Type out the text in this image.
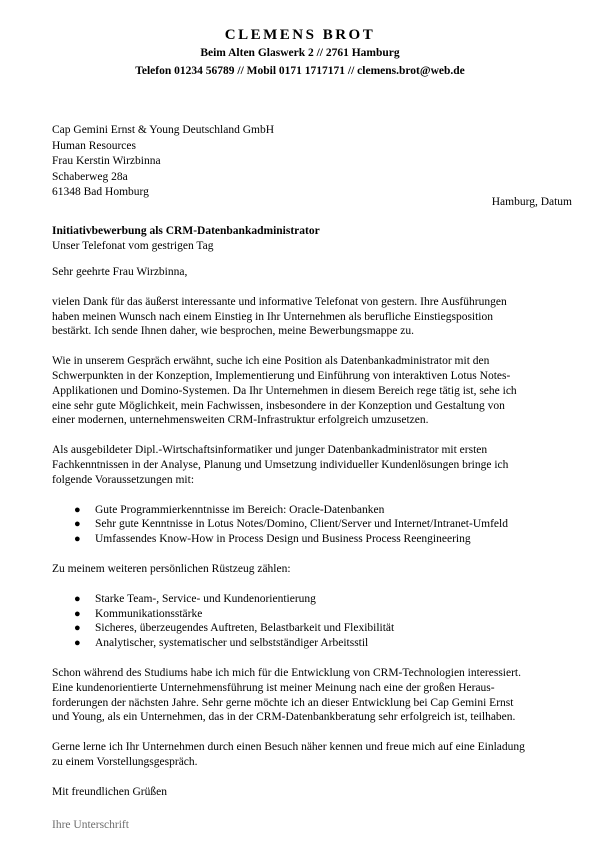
CLEMENS BROT
Beim Alten Glaswerk 2 // 2761 Hamburg
Telefon 01234 56789 // Mobil 0171 1717171 // clemens.brot@web.de
Cap Gemini Ernst & Young Deutschland GmbH
Human Resources
Frau Kerstin Wirzbinna
Schaberweg 28a
61348 Bad Homburg
Hamburg, Datum
Initiativbewerbung als CRM-Datenbankadministrator
Unser Telefonat vom gestrigen Tag

Sehr geehrte Frau Wirzbinna,

vielen Dank für das äußerst interessante und informative Telefonat von gestern. Ihre Ausführungen
haben meinen Wunsch nach einem Einstieg in Ihr Unternehmen als berufliche Einstiegsposition
bestärkt. Ich sende Ihnen daher, wie besprochen, meine Bewerbungsmappe zu.

Wie in unserem Gespräch erwähnt, suche ich eine Position als Datenbankadministrator mit den
Schwerpunkten in der Konzeption, Implementierung und Einführung von interaktiven Lotus Notes-
Applikationen und Domino-Systemen. Da Ihr Unternehmen in diesem Bereich rege tätig ist, sehe ich
eine sehr gute Möglichkeit, mein Fachwissen, insbesondere in der Konzeption und Gestaltung von
einer modernen, unternehmensweiten CRM-Infrastruktur erfolgreich umzusetzen.

Als ausgebildeter Dipl.-Wirtschaftsinformatiker und junger Datenbankadministrator mit ersten
Fachkenntnissen in der Analyse, Planung und Umsetzung individueller Kundenlösungen bringe ich
folgende Voraussetzungen mit:

● Gute Programmierkenntnisse im Bereich: Oracle-Datenbanken
● Sehr gute Kenntnisse in Lotus Notes/Domino, Client/Server und Internet/Intranet-Umfeld
● Umfassendes Know-How in Process Design und Business Process Reengineering

Zu meinem weiteren persönlichen Rüstzeug zählen:

● Starke Team-, Service- und Kundenorientierung
● Kommunikationsstärke
● Sicheres, überzeugendes Auftreten, Belastbarkeit und Flexibilität
● Analytischer, systematischer und selbstständiger Arbeitsstil

Schon während des Studiums habe ich mich für die Entwicklung von CRM-Technologien interessiert.
Eine kundenorientierte Unternehmensführung ist meiner Meinung nach eine der großen Heraus-
forderungen der nächsten Jahre. Sehr gerne möchte ich an dieser Entwicklung bei Cap Gemini Ernst
und Young, als ein Unternehmen, das in der CRM-Datenbankberatung sehr erfolgreich ist, teilhaben.

Gerne lerne ich Ihr Unternehmen durch einen Besuch näher kennen und freue mich auf eine Einladung
zu einem Vorstellungsgespräch.

Mit freundlichen Grüßen

Ihre Unterschrift
